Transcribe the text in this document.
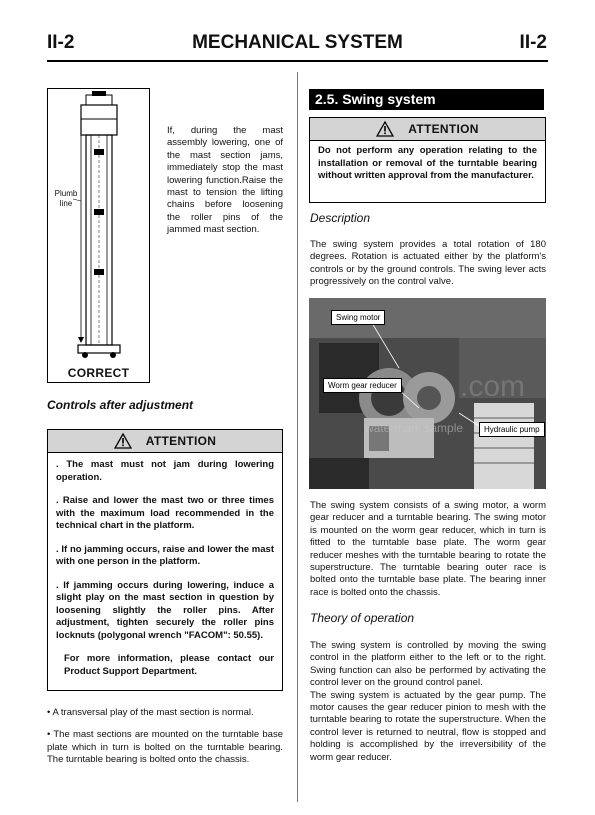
II-2	MECHANICAL SYSTEM	II-2
Plumb line
CORRECT
If, during the mast assembly lowering, one of the mast section jams, immediately stop the mast lowering function.Raise the mast to tension the lifting chains before loosening the roller pins of the jammed mast section.
Controls after adjustment
ATTENTION

. The mast must not jam during lowering operation.

. Raise and lower the mast two or three times with the maximum load recommended in the technical chart in the platform.

. If no jamming occurs, raise and lower the mast with one person in the platform.

. If jamming occurs during lowering, induce a slight play on the mast section in question by loosening slightly the roller pins. After adjustment, tighten securely the roller pins locknuts (polygonal wrench "FACOM": 50.55).

For more information, please contact our Product Support Department.

• A transversal play of the mast section is normal.

• The mast sections are mounted on the turntable base plate which in turn is bolted on the turntable bearing. The turntable bearing is bolted onto the chassis.

2.5. Swing system
ATTENTION

Do not perform any operation relating to the installation or removal of the turntable bearing without written approval from the manufacturer.

Description
The swing system provides a total rotation of 180 degrees. Rotation is actuated either by the platform's controls or by the ground controls. The swing lever acts progressively on the control valve.
Swing motor
Worm gear reducer
Hydraulic pump
.com
watermark sample
The swing system consists of a swing motor, a worm gear reducer and a turntable bearing. The swing motor is mounted on the worm gear reducer, which in turn is fitted to the turntable base plate. The worm gear reducer meshes with the turntable bearing to rotate the superstructure. The turntable bearing outer race is bolted onto the turntable base plate. The bearing inner race is bolted onto the chassis.
Theory of operation

The swing system is controlled by moving the swing control in the platform either to the left or to the right. Swing function can also be performed by activating the control lever on the ground control panel.

The swing system is actuated by the gear pump. The motor causes the gear reducer pinion to mesh with the turntable bearing to rotate the superstructure. When the control lever is returned to neutral, flow is stopped and holding is accomplished by the irreversibility of the worm gear reducer.
